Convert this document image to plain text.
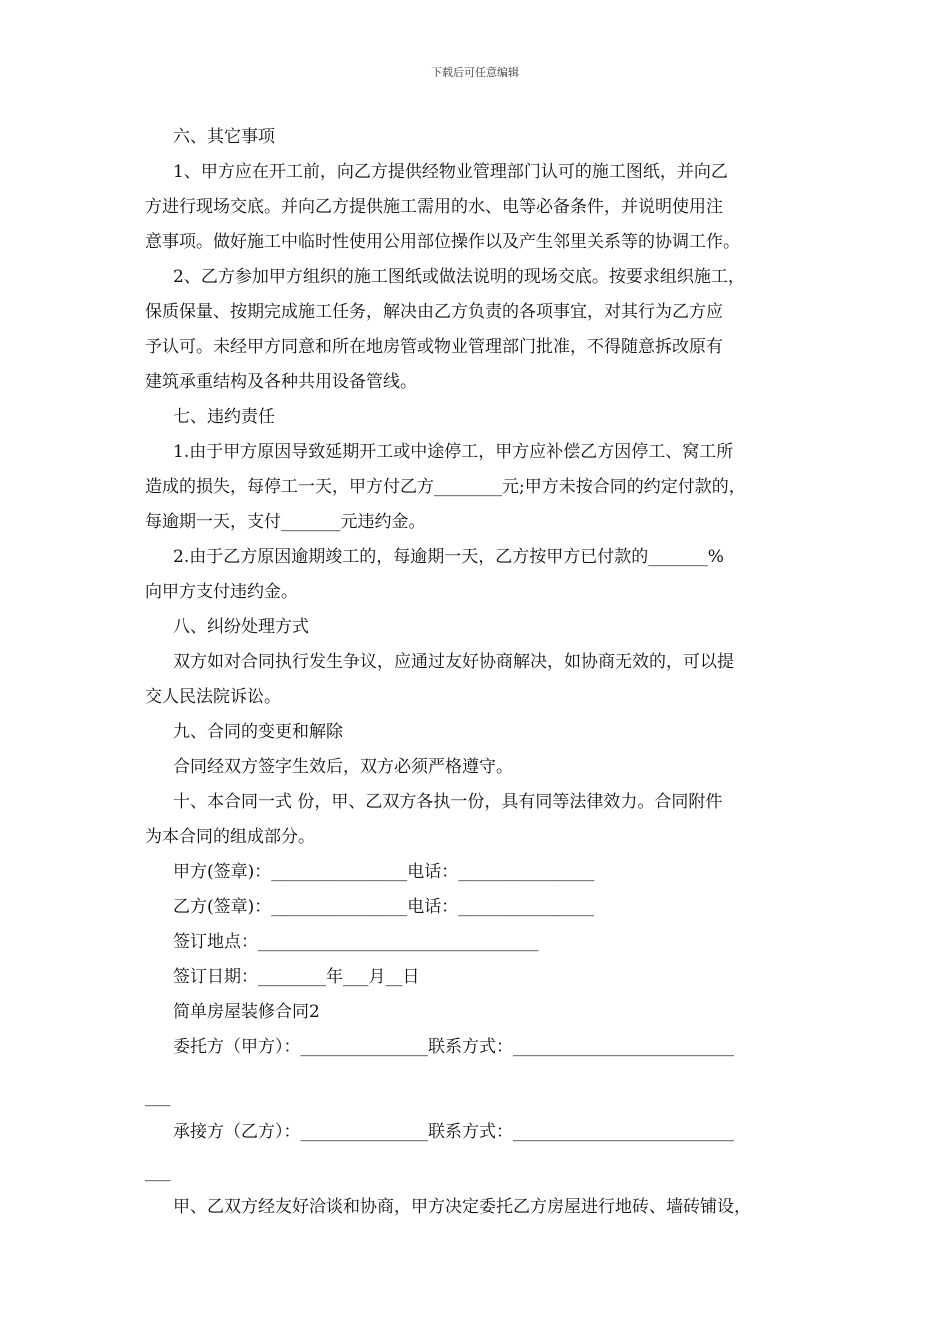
下载后可任意编辑
六、其它事项
1、甲方应在开工前，向乙方提供经物业管理部门认可的施工图纸，并向乙
方进行现场交底。并向乙方提供施工需用的水、电等必备条件，并说明使用注
意事项。做好施工中临时性使用公用部位操作以及产生邻里关系等的协调工作。
2、乙方参加甲方组织的施工图纸或做法说明的现场交底。按要求组织施工，
保质保量、按期完成施工任务，解决由乙方负责的各项事宜，对其行为乙方应
予认可。未经甲方同意和所在地房管或物业管理部门批准，不得随意拆改原有
建筑承重结构及各种共用设备管线。
七、违约责任
1.由于甲方原因导致延期开工或中途停工，甲方应补偿乙方因停工、窝工所
造成的损失，每停工一天，甲方付乙方________元;甲方未按合同的约定付款的，
每逾期一天，支付_______元违约金。
2.由于乙方原因逾期竣工的，每逾期一天，乙方按甲方已付款的_______%
向甲方支付违约金。
八、纠纷处理方式
双方如对合同执行发生争议，应通过友好协商解决，如协商无效的，可以提
交人民法院诉讼。
九、合同的变更和解除
合同经双方签字生效后，双方必须严格遵守。
十、本合同一式 份，甲、乙双方各执一份，具有同等法律效力。合同附件
为本合同的组成部分。
甲方(签章)：________________电话：________________
乙方(签章)：________________电话：________________
签订地点：_________________________________
签订日期：________年___月__日
简单房屋装修合同2
委托方（甲方）：_______________联系方式：__________________________
___
承接方（乙方）：_______________联系方式：__________________________
___
甲、乙双方经友好洽谈和协商，甲方决定委托乙方房屋进行地砖、墙砖铺设，
